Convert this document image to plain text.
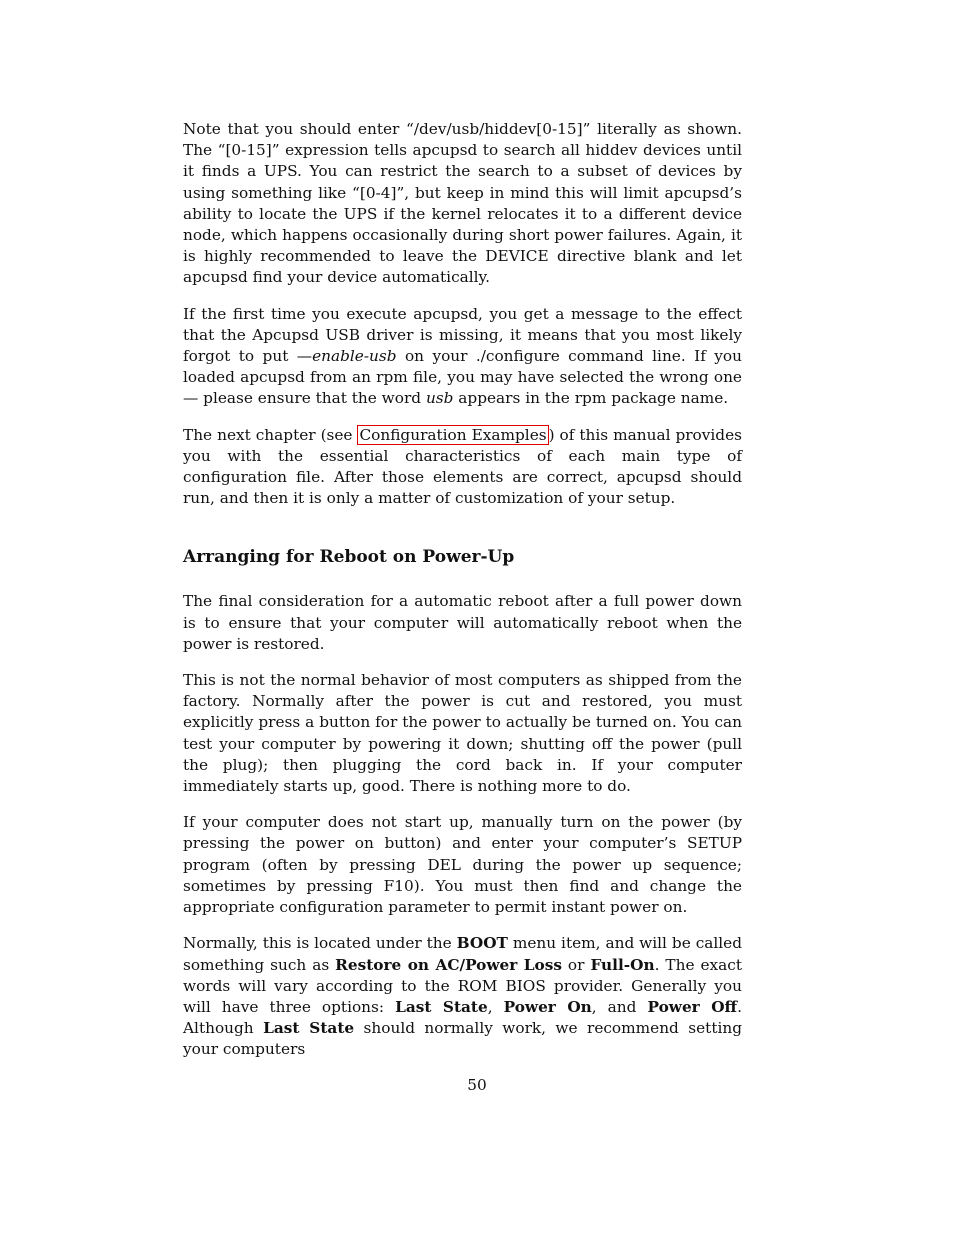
Note that you should enter “/dev/usb/hiddev[0-15]” literally as shown. The “[0-15]” expression tells apcupsd to search all hiddev devices until it finds a UPS. You can restrict the search to a subset of devices by using something like “[0-4]”, but keep in mind this will limit apcupsd’s ability to locate the UPS if the kernel relocates it to a different device node, which happens occasionally during short power failures. Again, it is highly recommended to leave the DEVICE directive blank and let apcupsd find your device automatically.

If the first time you execute apcupsd, you get a message to the effect that the Apcupsd USB driver is missing, it means that you most likely forgot to put —enable-usb on your ./configure command line. If you loaded apcupsd from an rpm file, you may have selected the wrong one — please ensure that the word usb appears in the rpm package name.

The next chapter (see Configuration Examples ) of this manual provides you with the essential characteristics of each main type of configuration file. After those elements are correct, apcupsd should run, and then it is only a matter of customization of your setup.

Arranging for Reboot on Power-Up

The final consideration for a automatic reboot after a full power down is to ensure that your computer will automatically reboot when the power is restored.

This is not the normal behavior of most computers as shipped from the factory. Normally after the power is cut and restored, you must explicitly press a button for the power to actually be turned on. You can test your computer by powering it down; shutting off the power (pull the plug); then plugging the cord back in. If your computer immediately starts up, good. There is nothing more to do.

If your computer does not start up, manually turn on the power (by pressing the power on button) and enter your computer’s SETUP program (often by pressing DEL during the power up sequence; sometimes by pressing F10). You must then find and change the appropriate configuration parameter to permit instant power on.

Normally, this is located under the BOOT menu item, and will be called something such as Restore on AC/Power Loss or Full-On. The exact words will vary according to the ROM BIOS provider. Generally you will have three options: Last State, Power On, and Power Off. Although Last State should normally work, we recommend setting your computers

50
